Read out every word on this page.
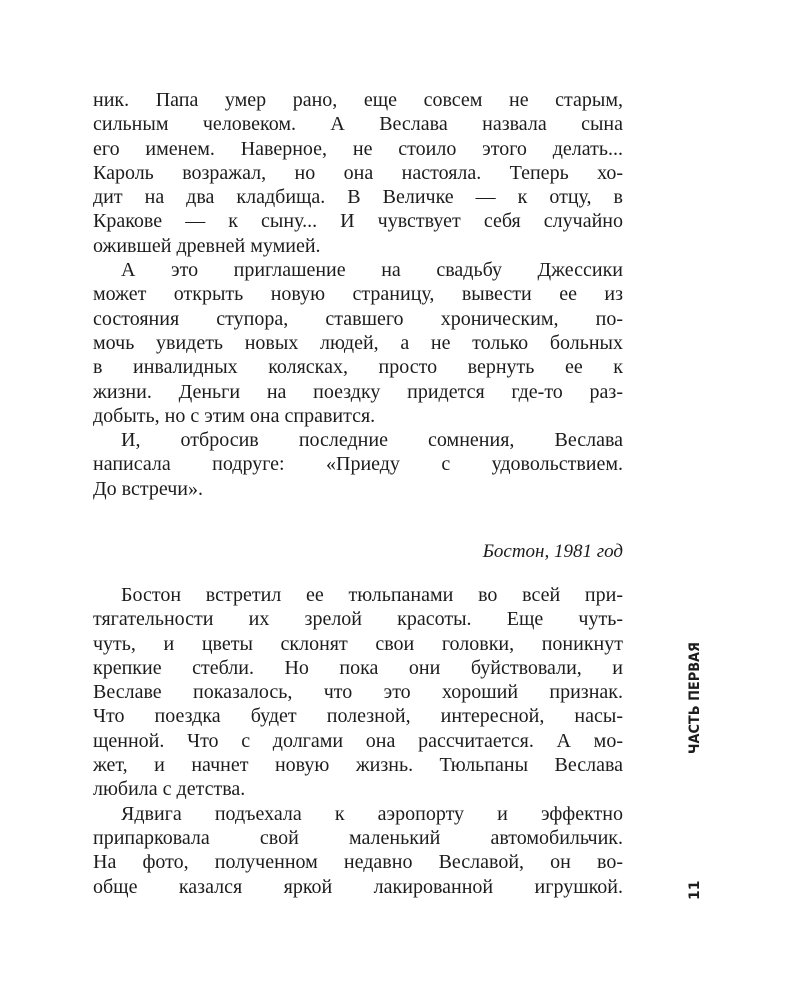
ник. Папа умер рано, еще совсем не старым,
сильным человеком. А Веслава назвала сына
его именем. Наверное, не стоило этого делать...
Кароль возражал, но она настояла. Теперь хо-
дит на два кладбища. В Величке — к отцу, в
Кракове — к сыну... И чувствует себя случайно
ожившей древней мумией.
А это приглашение на свадьбу Джессики
может открыть новую страницу, вывести ее из
состояния ступора, ставшего хроническим, по-
мочь увидеть новых людей, а не только больных
в инвалидных колясках, просто вернуть ее к
жизни. Деньги на поездку придется где-то раз-
добыть, но с этим она справится.
И, отбросив последние сомнения, Веслава
написала подруге: «Приеду с удовольствием.
До встречи».
Бостон, 1981 год
Бостон встретил ее тюльпанами во всей при-
тягательности их зрелой красоты. Еще чуть-
чуть, и цветы склонят свои головки, поникнут
крепкие стебли. Но пока они буйствовали, и
Веславе показалось, что это хороший признак.
Что поездка будет полезной, интересной, насы-
щенной. Что с долгами она рассчитается. А мо-
жет, и начнет новую жизнь. Тюльпаны Веслава
любила с детства.
Ядвига подъехала к аэропорту и эффектно
припарковала свой маленький автомобильчик.
На фото, полученном недавно Веславой, он во-
обще казался яркой лакированной игрушкой.
ЧАСТЬ ПЕРВАЯ
11
